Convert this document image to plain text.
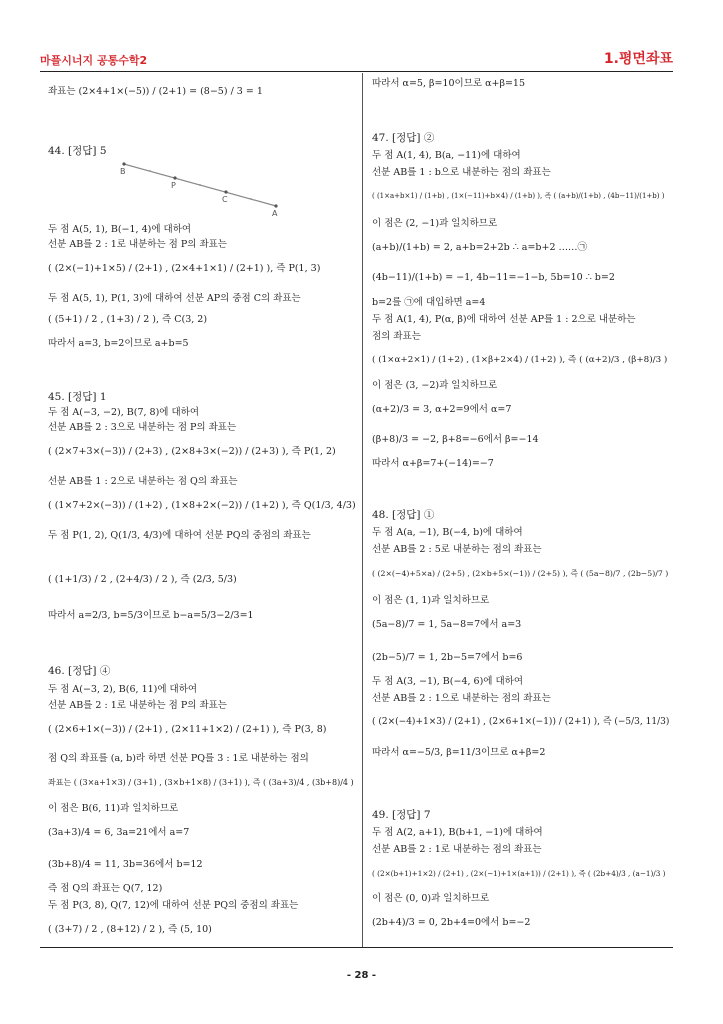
마플시너지 공통수학2	1.평면좌표
좌표는 (2×4+1×(−5)) / (2+1) = (8−5) / 3 = 1
44. [정답] 5
두 점 A(5, 1), B(−1, 4)에 대하여
선분 AB를 2 : 1로 내분하는 점 P의 좌표는
( (2×(−1)+1×5) / (2+1) , (2×4+1×1) / (2+1) ), 즉 P(1, 3)
두 점 A(5, 1), P(1, 3)에 대하여 선분 AP의 중점 C의 좌표는
( (5+1) / 2 , (1+3) / 2 ), 즉 C(3, 2)
따라서 a=3, b=2이므로 a+b=5
45. [정답] 1
두 점 A(−3, −2), B(7, 8)에 대하여
선분 AB를 2 : 3으로 내분하는 점 P의 좌표는
( (2×7+3×(−3)) / (2+3) , (2×8+3×(−2)) / (2+3) ), 즉 P(1, 2)
선분 AB를 1 : 2으로 내분하는 점 Q의 좌표는
( (1×7+2×(−3)) / (1+2) , (1×8+2×(−2)) / (1+2) ), 즉 Q(1/3, 4/3)
두 점 P(1, 2), Q(1/3, 4/3)에 대하여 선분 PQ의 중점의 좌표는
( (1+1/3) / 2 , (2+4/3) / 2 ), 즉 (2/3, 5/3)
따라서 a=2/3, b=5/3이므로 b−a=5/3−2/3=1
46. [정답] ④
두 점 A(−3, 2), B(6, 11)에 대하여
선분 AB를 2 : 1로 내분하는 점 P의 좌표는
( (2×6+1×(−3)) / (2+1) , (2×11+1×2) / (2+1) ), 즉 P(3, 8)
점 Q의 좌표를 (a, b)라 하면 선분 PQ를 3 : 1로 내분하는 점의
좌표는 ( (3×a+1×3) / (3+1) , (3×b+1×8) / (3+1) ), 즉 ( (3a+3)/4 , (3b+8)/4 )
이 점은 B(6, 11)과 일치하므로
(3a+3)/4 = 6, 3a=21에서 a=7
(3b+8)/4 = 11, 3b=36에서 b=12
즉 점 Q의 좌표는 Q(7, 12)
두 점 P(3, 8), Q(7, 12)에 대하여 선분 PQ의 중점의 좌표는
( (3+7) / 2 , (8+12) / 2 ), 즉 (5, 10)
따라서 α=5, β=10이므로 α+β=15
47. [정답] ②
두 점 A(1, 4), B(a, −11)에 대하여
선분 AB를 1 : b으로 내분하는 점의 좌표는
( (1×a+b×1) / (1+b) , (1×(−11)+b×4) / (1+b) ), 즉 ( (a+b)/(1+b) , (4b−11)/(1+b) )
이 점은 (2, −1)과 일치하므로
(a+b)/(1+b) = 2, a+b=2+2b ∴ a=b+2 ……㉠
(4b−11)/(1+b) = −1, 4b−11=−1−b, 5b=10 ∴ b=2
b=2를 ㉠에 대입하면 a=4
두 점 A(1, 4), P(α, β)에 대하여 선분 AP를 1 : 2으로 내분하는
점의 좌표는
( (1×α+2×1) / (1+2) , (1×β+2×4) / (1+2) ), 즉 ( (α+2)/3 , (β+8)/3 )
이 점은 (3, −2)과 일치하므로
(α+2)/3 = 3, α+2=9에서 α=7
(β+8)/3 = −2, β+8=−6에서 β=−14
따라서 α+β=7+(−14)=−7
48. [정답] ①
두 점 A(a, −1), B(−4, b)에 대하여
선분 AB를 2 : 5로 내분하는 점의 좌표는
( (2×(−4)+5×a) / (2+5) , (2×b+5×(−1)) / (2+5) ), 즉 ( (5a−8)/7 , (2b−5)/7 )
이 점은 (1, 1)과 일치하므로
(5a−8)/7 = 1, 5a−8=7에서 a=3
(2b−5)/7 = 1, 2b−5=7에서 b=6
두 점 A(3, −1), B(−4, 6)에 대하여
선분 AB를 2 : 1으로 내분하는 점의 좌표는
( (2×(−4)+1×3) / (2+1) , (2×6+1×(−1)) / (2+1) ), 즉 (−5/3, 11/3)
따라서 α=−5/3, β=11/3이므로 α+β=2
49. [정답] 7
두 점 A(2, a+1), B(b+1, −1)에 대하여
선분 AB를 2 : 1로 내분하는 점의 좌표는
( (2×(b+1)+1×2) / (2+1) , (2×(−1)+1×(a+1)) / (2+1) ), 즉 ( (2b+4)/3 , (a−1)/3 )
이 점은 (0, 0)과 일치하므로
(2b+4)/3 = 0, 2b+4=0에서 b=−2
B
P
C
A
- 28 -
